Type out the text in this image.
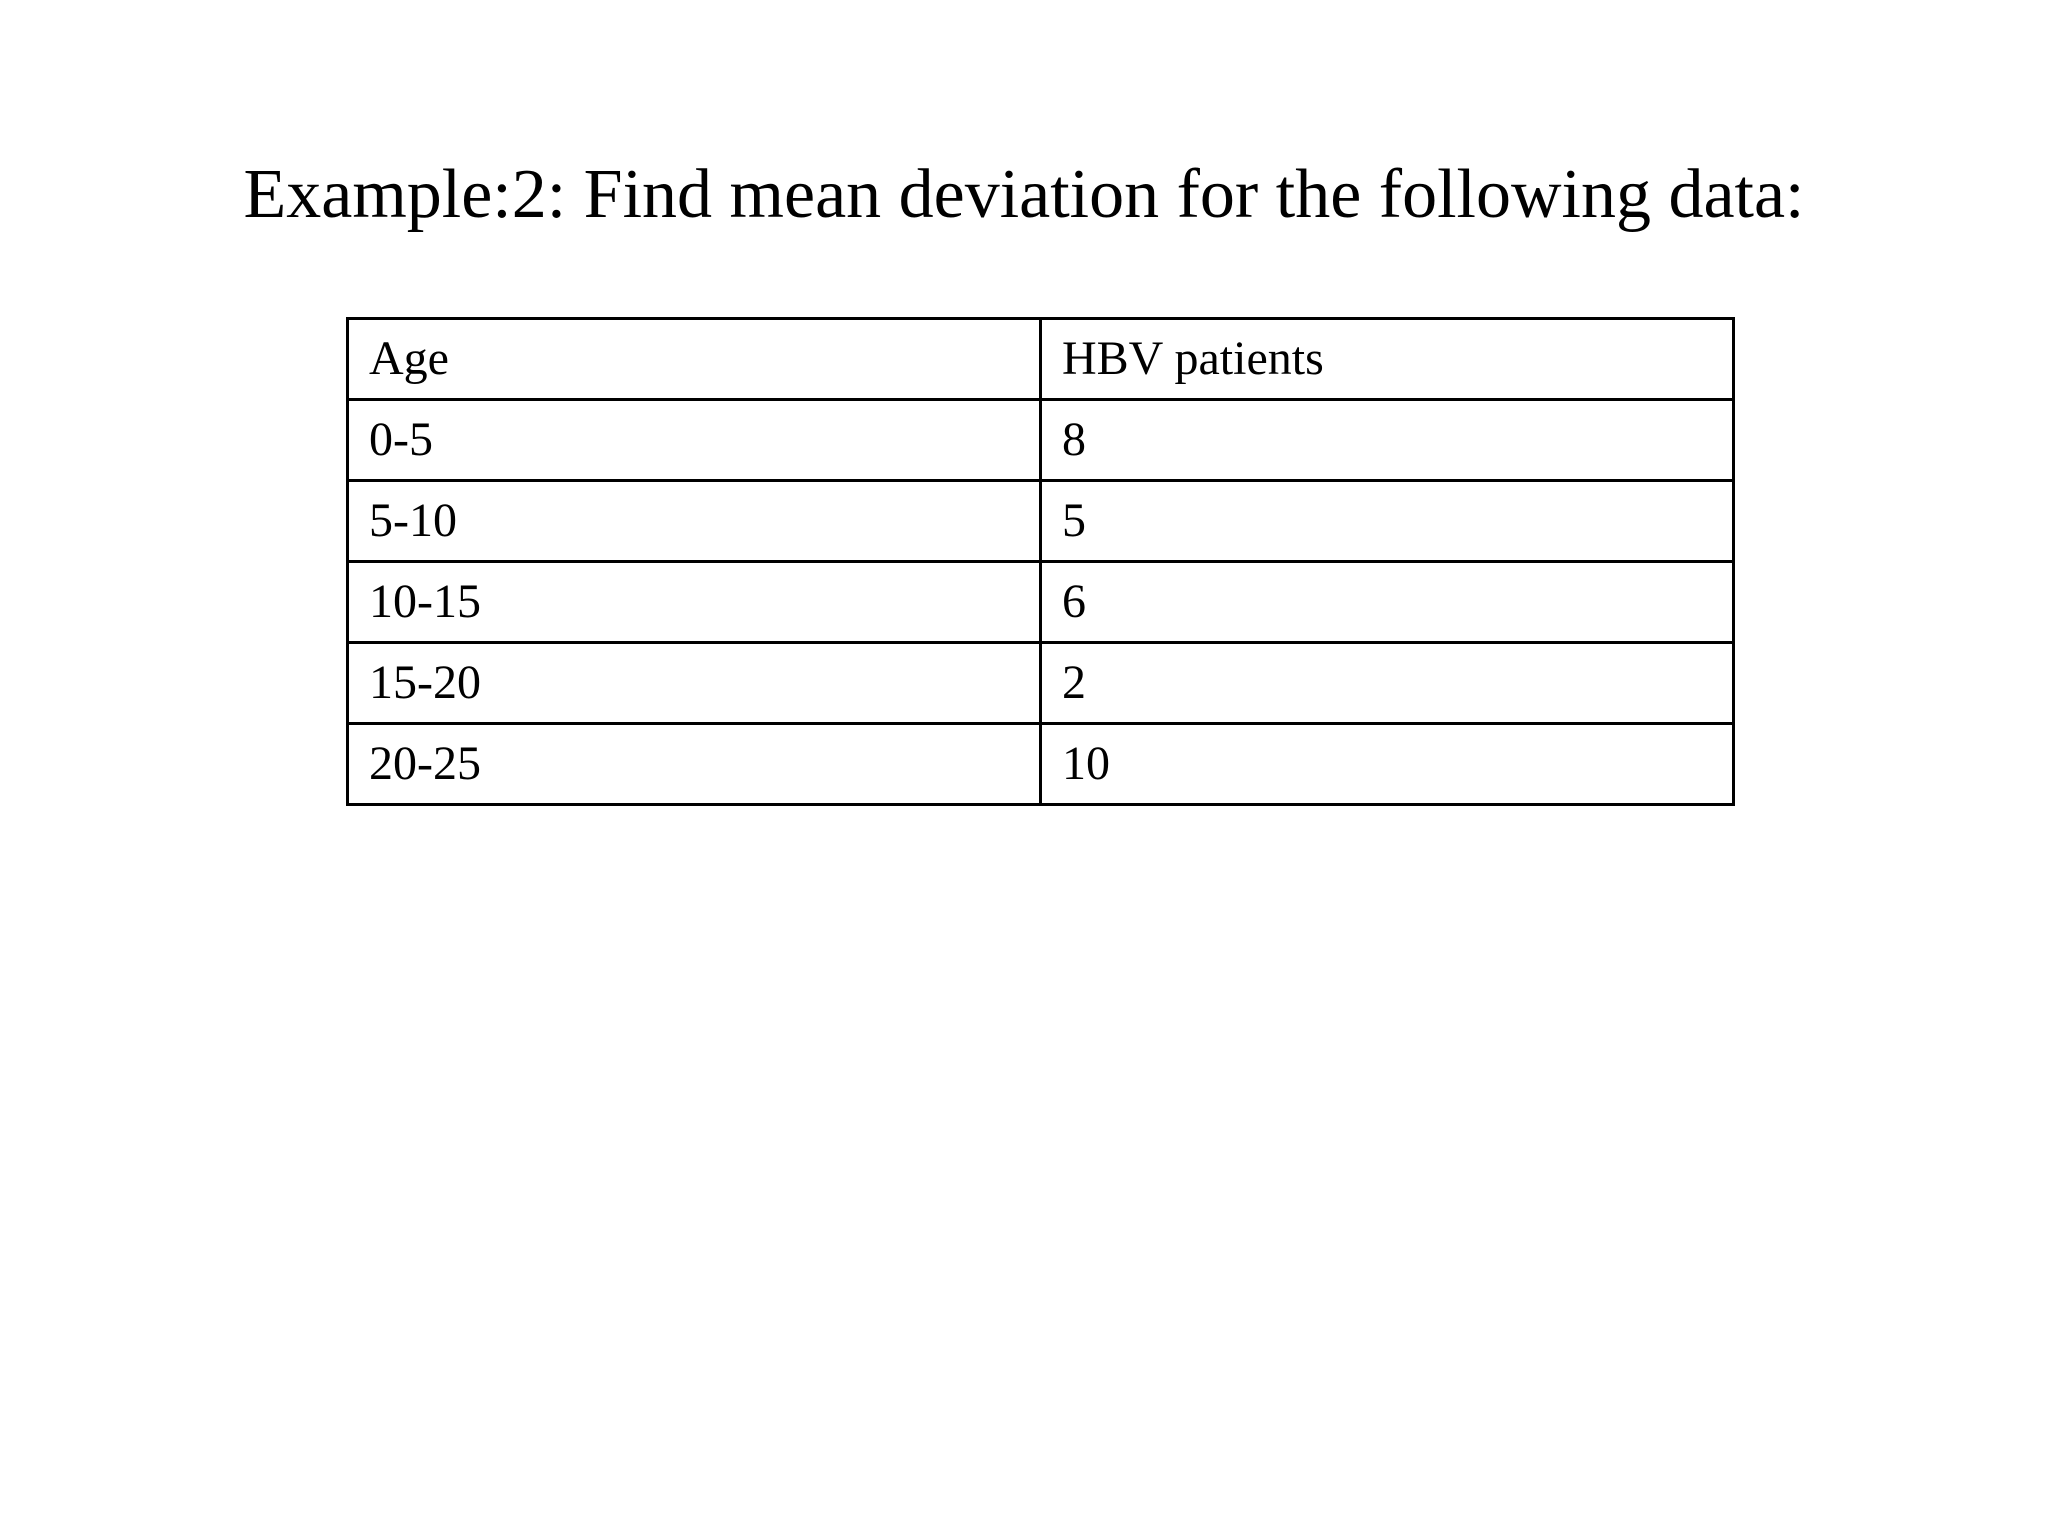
Example:2: Find mean deviation for the following data:
Age	HBV patients
0-5	8
5-10	5
10-15	6
15-20	2
20-25	10
